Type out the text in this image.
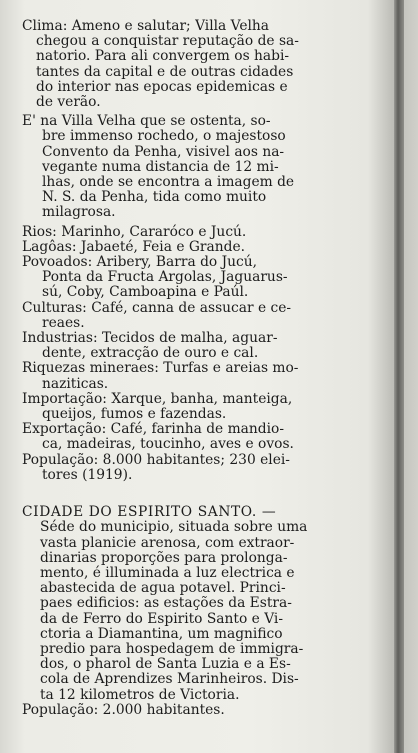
Clima: Ameno e salutar; Villa Velha
chegou a conquistar reputação de sa-
natorio. Para ali convergem os habi-
tantes da capital e de outras cidades
do interior nas epocas epidemicas e
de verão.
E' na Villa Velha que se ostenta, so-
bre immenso rochedo, o majestoso
Convento da Penha, visivel aos na-
vegante numa distancia de 12 mi-
lhas, onde se encontra a imagem de
N. S. da Penha, tida como muito
milagrosa.
Rios: Marinho, Cararóco e Jucú.
Lagôas: Jabaeté, Feia e Grande.
Povoados: Aribery, Barra do Jucú,
Ponta da Fructa Argolas, Jaguarus-
sú, Coby, Camboapina e Paúl.
Culturas: Café, canna de assucar e ce-
reaes.
Industrias: Tecidos de malha, aguar-
dente, extracção de ouro e cal.
Riquezas mineraes: Turfas e areias mo-
naziticas.
Importação: Xarque, banha, manteiga,
queijos, fumos e fazendas.
Exportação: Café, farinha de mandio-
ca, madeiras, toucinho, aves e ovos.
População: 8.000 habitantes; 230 elei-
tores (1919).
CIDADE DO ESPIRITO SANTO. —
Séde do municipio, situada sobre uma
vasta planicie arenosa, com extraor-
dinarias proporções para prolonga-
mento, é illuminada a luz electrica e
abastecida de agua potavel. Princi-
paes edificios: as estações da Estra-
da de Ferro do Espirito Santo e Vi-
ctoria a Diamantina, um magnifico
predio para hospedagem de immigra-
dos, o pharol de Santa Luzia e a Es-
cola de Aprendizes Marinheiros. Dis-
ta 12 kilometros de Victoria.
População: 2.000 habitantes.
